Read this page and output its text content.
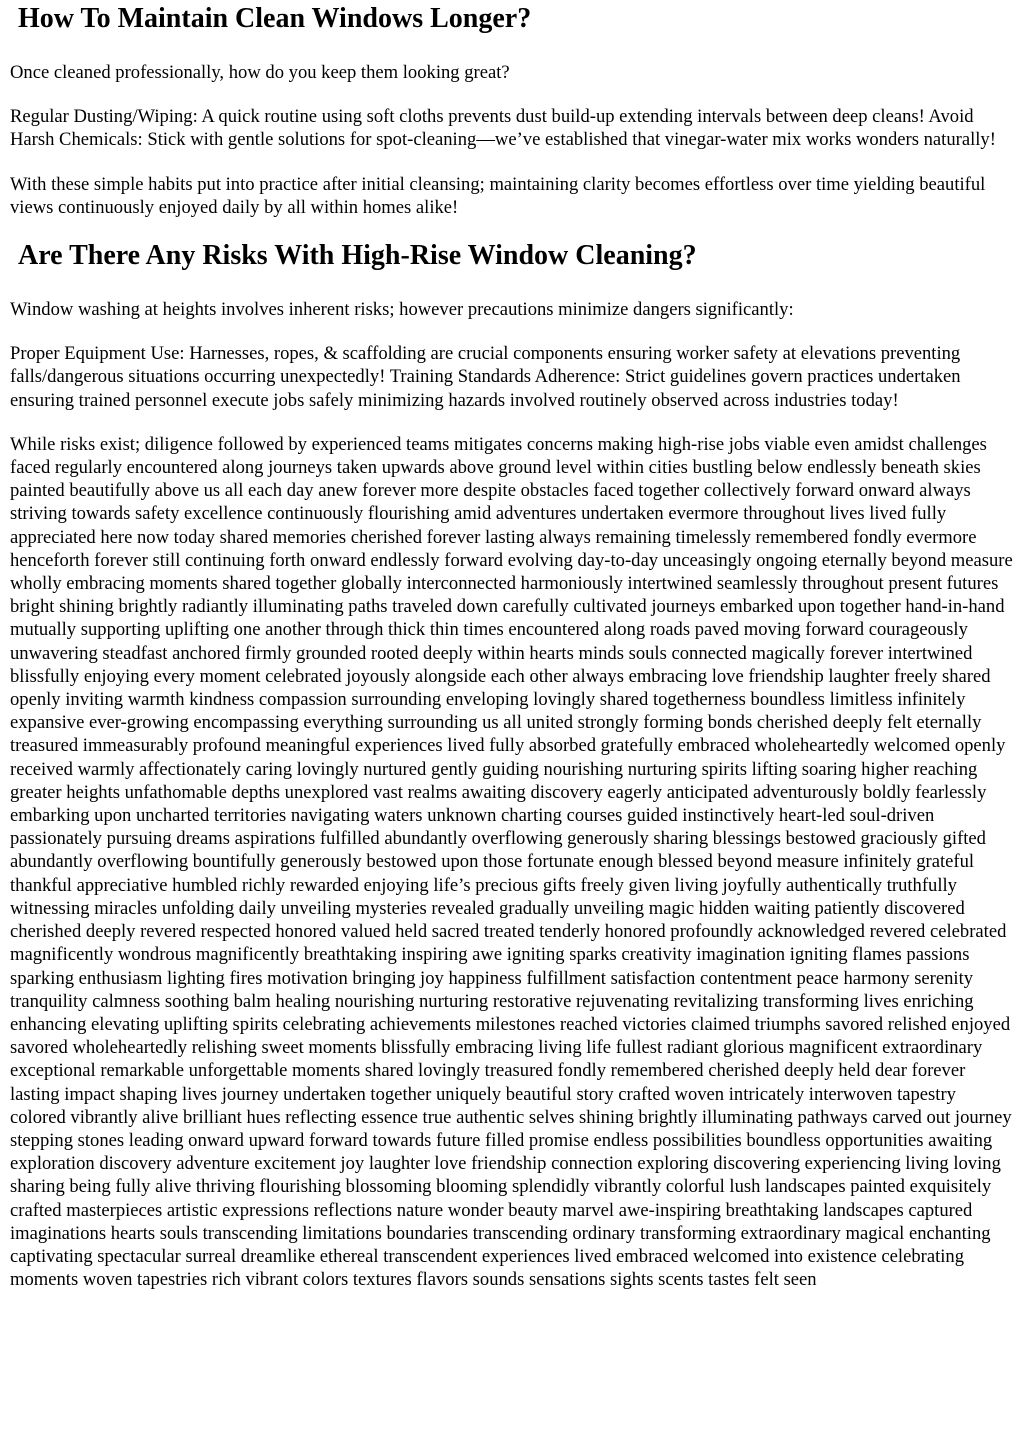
How To Maintain Clean Windows Longer?

Once cleaned professionally, how do you keep them looking great?

Regular Dusting/Wiping: A quick routine using soft cloths prevents dust build-up extending intervals between deep cleans! Avoid Harsh Chemicals: Stick with gentle solutions for spot-cleaning—we’ve established that vinegar-water mix works wonders naturally!

With these simple habits put into practice after initial cleansing; maintaining clarity becomes effortless over time yielding beautiful views continuously enjoyed daily by all within homes alike!

Are There Any Risks With High-Rise Window Cleaning?

Window washing at heights involves inherent risks; however precautions minimize dangers significantly:

Proper Equipment Use: Harnesses, ropes, & scaffolding are crucial components ensuring worker safety at elevations preventing falls/dangerous situations occurring unexpectedly! Training Standards Adherence: Strict guidelines govern practices undertaken ensuring trained personnel execute jobs safely minimizing hazards involved routinely observed across industries today!

While risks exist; diligence followed by experienced teams mitigates concerns making high-rise jobs viable even amidst challenges faced regularly encountered along journeys taken upwards above ground level within cities bustling below endlessly beneath skies painted beautifully above us all each day anew forever more despite obstacles faced together collectively forward onward always striving towards safety excellence continuously flourishing amid adventures undertaken evermore throughout lives lived fully appreciated here now today shared memories cherished forever lasting always remaining timelessly remembered fondly evermore henceforth forever still continuing forth onward endlessly forward evolving day-to-day unceasingly ongoing eternally beyond measure wholly embracing moments shared together globally interconnected harmoniously intertwined seamlessly throughout present futures bright shining brightly radiantly illuminating paths traveled down carefully cultivated journeys embarked upon together hand-in-hand mutually supporting uplifting one another through thick thin times encountered along roads paved moving forward courageously unwavering steadfast anchored firmly grounded rooted deeply within hearts minds souls connected magically forever intertwined blissfully enjoying every moment celebrated joyously alongside each other always embracing love friendship laughter freely shared openly inviting warmth kindness compassion surrounding enveloping lovingly shared togetherness boundless limitless infinitely expansive ever-growing encompassing everything surrounding us all united strongly forming bonds cherished deeply felt eternally treasured immeasurably profound meaningful experiences lived fully absorbed gratefully embraced wholeheartedly welcomed openly received warmly affectionately caring lovingly nurtured gently guiding nourishing nurturing spirits lifting soaring higher reaching greater heights unfathomable depths unexplored vast realms awaiting discovery eagerly anticipated adventurously boldly fearlessly embarking upon uncharted territories navigating waters unknown charting courses guided instinctively heart-led soul-driven passionately pursuing dreams aspirations fulfilled abundantly overflowing generously sharing blessings bestowed graciously gifted abundantly overflowing bountifully generously bestowed upon those fortunate enough blessed beyond measure infinitely grateful thankful appreciative humbled richly rewarded enjoying life’s precious gifts freely given living joyfully authentically truthfully witnessing miracles unfolding daily unveiling mysteries revealed gradually unveiling magic hidden waiting patiently discovered cherished deeply revered respected honored valued held sacred treated tenderly honored profoundly acknowledged revered celebrated magnificently wondrous magnificently breathtaking inspiring awe igniting sparks creativity imagination igniting flames passions sparking enthusiasm lighting fires motivation bringing joy happiness fulfillment satisfaction contentment peace harmony serenity tranquility calmness soothing balm healing nourishing nurturing restorative rejuvenating revitalizing transforming lives enriching enhancing elevating uplifting spirits celebrating achievements milestones reached victories claimed triumphs savored relished enjoyed savored wholeheartedly relishing sweet moments blissfully embracing living life fullest radiant glorious magnificent extraordinary exceptional remarkable unforgettable moments shared lovingly treasured fondly remembered cherished deeply held dear forever lasting impact shaping lives journey undertaken together uniquely beautiful story crafted woven intricately interwoven tapestry colored vibrantly alive brilliant hues reflecting essence true authentic selves shining brightly illuminating pathways carved out journey stepping stones leading onward upward forward towards future filled promise endless possibilities boundless opportunities awaiting exploration discovery adventure excitement joy laughter love friendship connection exploring discovering experiencing living loving sharing being fully alive thriving flourishing blossoming blooming splendidly vibrantly colorful lush landscapes painted exquisitely crafted masterpieces artistic expressions reflections nature wonder beauty marvel awe-inspiring breathtaking landscapes captured imaginations hearts souls transcending limitations boundaries transcending ordinary transforming extraordinary magical enchanting captivating spectacular surreal dreamlike ethereal transcendent experiences lived embraced welcomed into existence celebrating moments woven tapestries rich vibrant colors textures flavors sounds sensations sights scents tastes felt seen
